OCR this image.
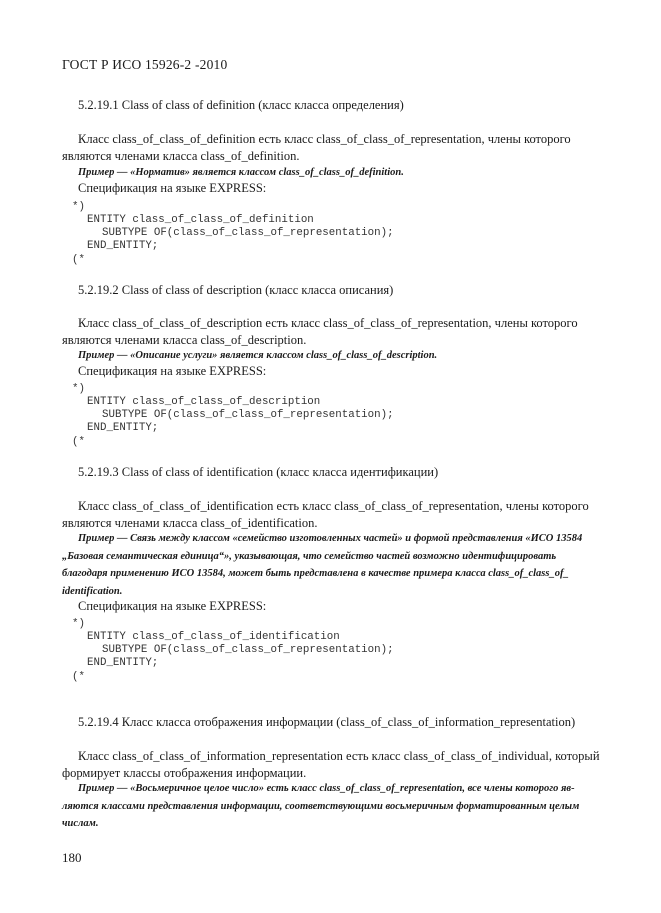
ГОСТ Р ИСО 15926-2 -2010
5.2.19.1 Class of class of definition (класс класса определения)
Класс class_of_class_of_definition есть класс class_of_class_of_representation, члены которого
являются членами класса class_of_definition.
Пример — «Норматив» является классом class_of_class_of_definition.
Спецификация на языке EXPRESS:
*)
ENTITY class_of_class_of_definition
SUBTYPE OF(class_of_class_of_representation);
END_ENTITY;
(*
5.2.19.2 Class of class of description (класс класса описания)
Класс class_of_class_of_description есть класс class_of_class_of_representation, члены которого
являются членами класса class_of_description.
Пример — «Описание услуги» является классом class_of_class_of_description.
Спецификация на языке EXPRESS:
*)
ENTITY class_of_class_of_description
SUBTYPE OF(class_of_class_of_representation);
END_ENTITY;
(*
5.2.19.3 Class of class of identification (класс класса идентификации)
Класс class_of_class_of_identification есть класс class_of_class_of_representation, члены которого
являются членами класса class_of_identification.
Пример — Связь между классом «семейство изготовленных частей» и формой представления «ИСО 13584
„Базовая семантическая единица“», указывающая, что семейство частей возможно идентифицировать
благодаря применению ИСО 13584, может быть представлена в качестве примера класса class_of_class_of_
identification.
Спецификация на языке EXPRESS:
*)
ENTITY class_of_class_of_identification
SUBTYPE OF(class_of_class_of_representation);
END_ENTITY;
(*
5.2.19.4 Класс класса отображения информации (class_of_class_of_information_representation)
Класс class_of_class_of_information_representation есть класс class_of_class_of_individual, который
формирует классы отображения информации.
Пример — «Восьмеричное целое число» есть класс class_of_class_of_representation, все члены которого яв-
ляются классами представления информации, соответствующими восьмеричным форматированным целым
числам.
180
